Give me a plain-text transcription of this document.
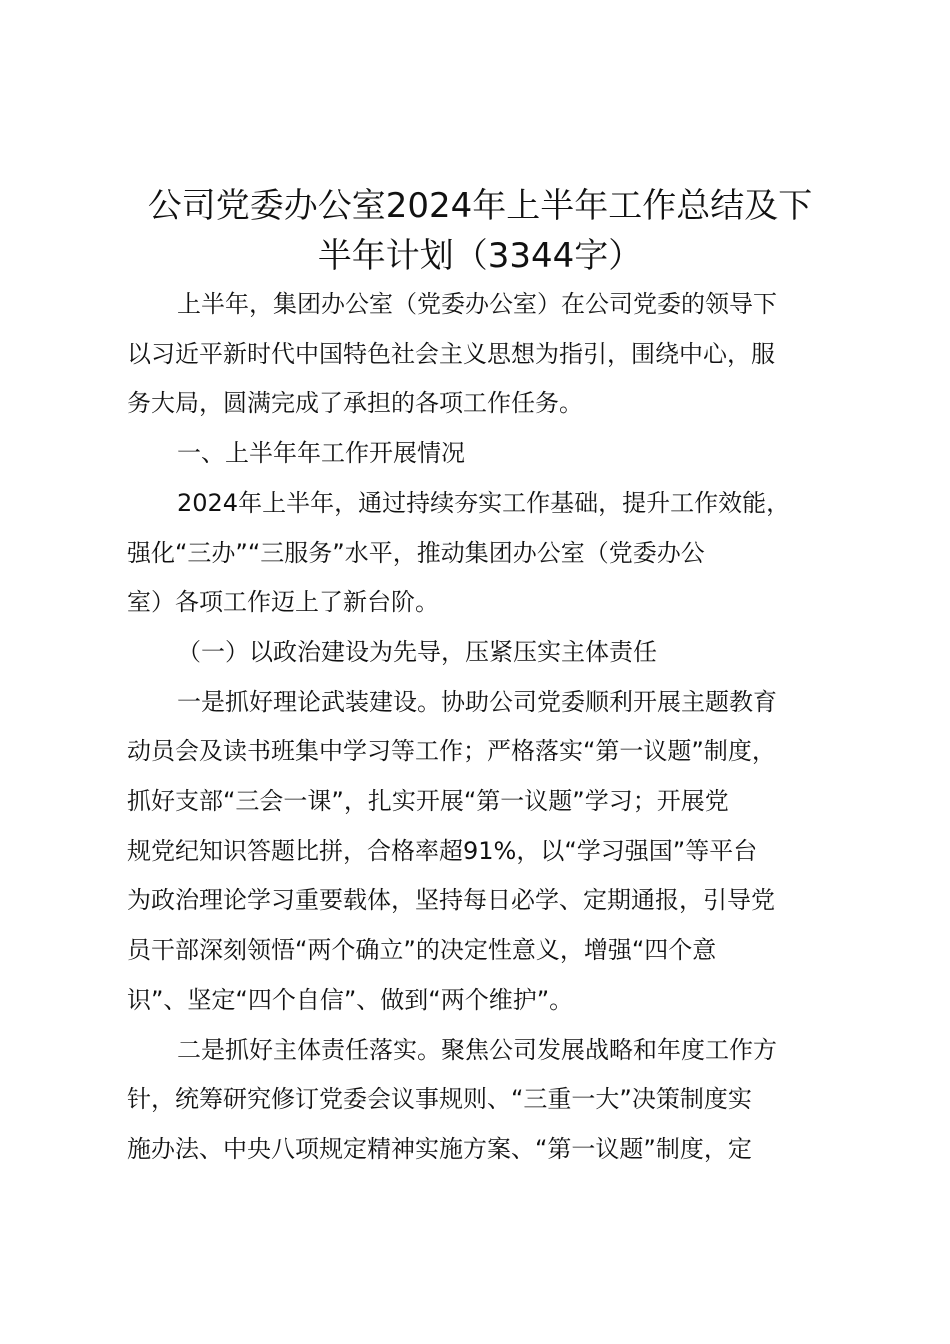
公司党委办公室2024年上半年工作总结及下
半年计划（3344字）

上半年，集团办公室（党委办公室）在公司党委的领导下
以习近平新时代中国特色社会主义思想为指引，围绕中心，服
务大局，圆满完成了承担的各项工作任务。

一、上半年年工作开展情况

2024年上半年，通过持续夯实工作基础，提升工作效能，
强化“三办”“三服务”水平，推动集团办公室（党委办公
室）各项工作迈上了新台阶。

（一）以政治建设为先导，压紧压实主体责任

一是抓好理论武装建设。协助公司党委顺利开展主题教育
动员会及读书班集中学习等工作；严格落实“第一议题”制度，
抓好支部“三会一课”，扎实开展“第一议题”学习；开展党
规党纪知识答题比拼，合格率超91%，以“学习强国”等平台
为政治理论学习重要载体，坚持每日必学、定期通报，引导党
员干部深刻领悟“两个确立”的决定性意义，增强“四个意
识”、坚定“四个自信”、做到“两个维护”。

二是抓好主体责任落实。聚焦公司发展战略和年度工作方
针，统筹研究修订党委会议事规则、“三重一大”决策制度实
施办法、中央八项规定精神实施方案、“第一议题”制度，定
